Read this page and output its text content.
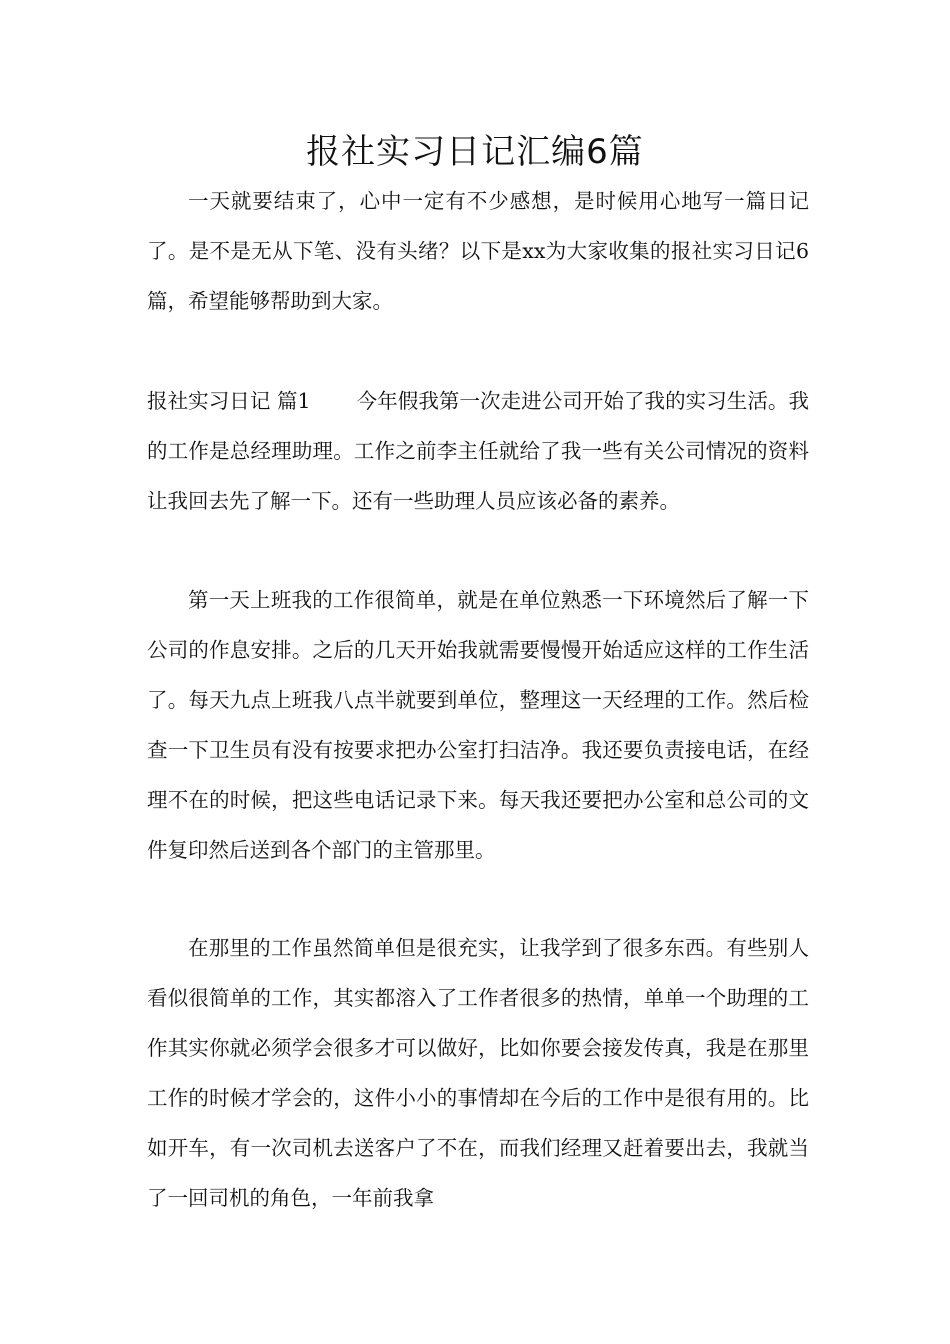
报社实习日记汇编6篇

一天就要结束了，心中一定有不少感想，是时候用心地写一篇日记了。是不是无从下笔、没有头绪？以下是xx为大家收集的报社实习日记6篇，希望能够帮助到大家。

报社实习日记 篇1 今年假我第一次走进公司开始了我的实习生活。我的工作是总经理助理。工作之前李主任就给了我一些有关公司情况的资料让我回去先了解一下。还有一些助理人员应该必备的素养。

第一天上班我的工作很简单，就是在单位熟悉一下环境然后了解一下公司的作息安排。之后的几天开始我就需要慢慢开始适应这样的工作生活了。每天九点上班我八点半就要到单位，整理这一天经理的工作。然后检查一下卫生员有没有按要求把办公室打扫洁净。我还要负责接电话，在经理不在的时候，把这些电话记录下来。每天我还要把办公室和总公司的文件复印然后送到各个部门的主管那里。

在那里的工作虽然简单但是很充实，让我学到了很多东西。有些别人看似很简单的工作，其实都溶入了工作者很多的热情，单单一个助理的工作其实你就必须学会很多才可以做好，比如你要会接发传真，我是在那里工作的时候才学会的，这件小小的事情却在今后的工作中是很有用的。比如开车，有一次司机去送客户了不在，而我们经理又赶着要出去，我就当了一回司机的角色，一年前我拿
